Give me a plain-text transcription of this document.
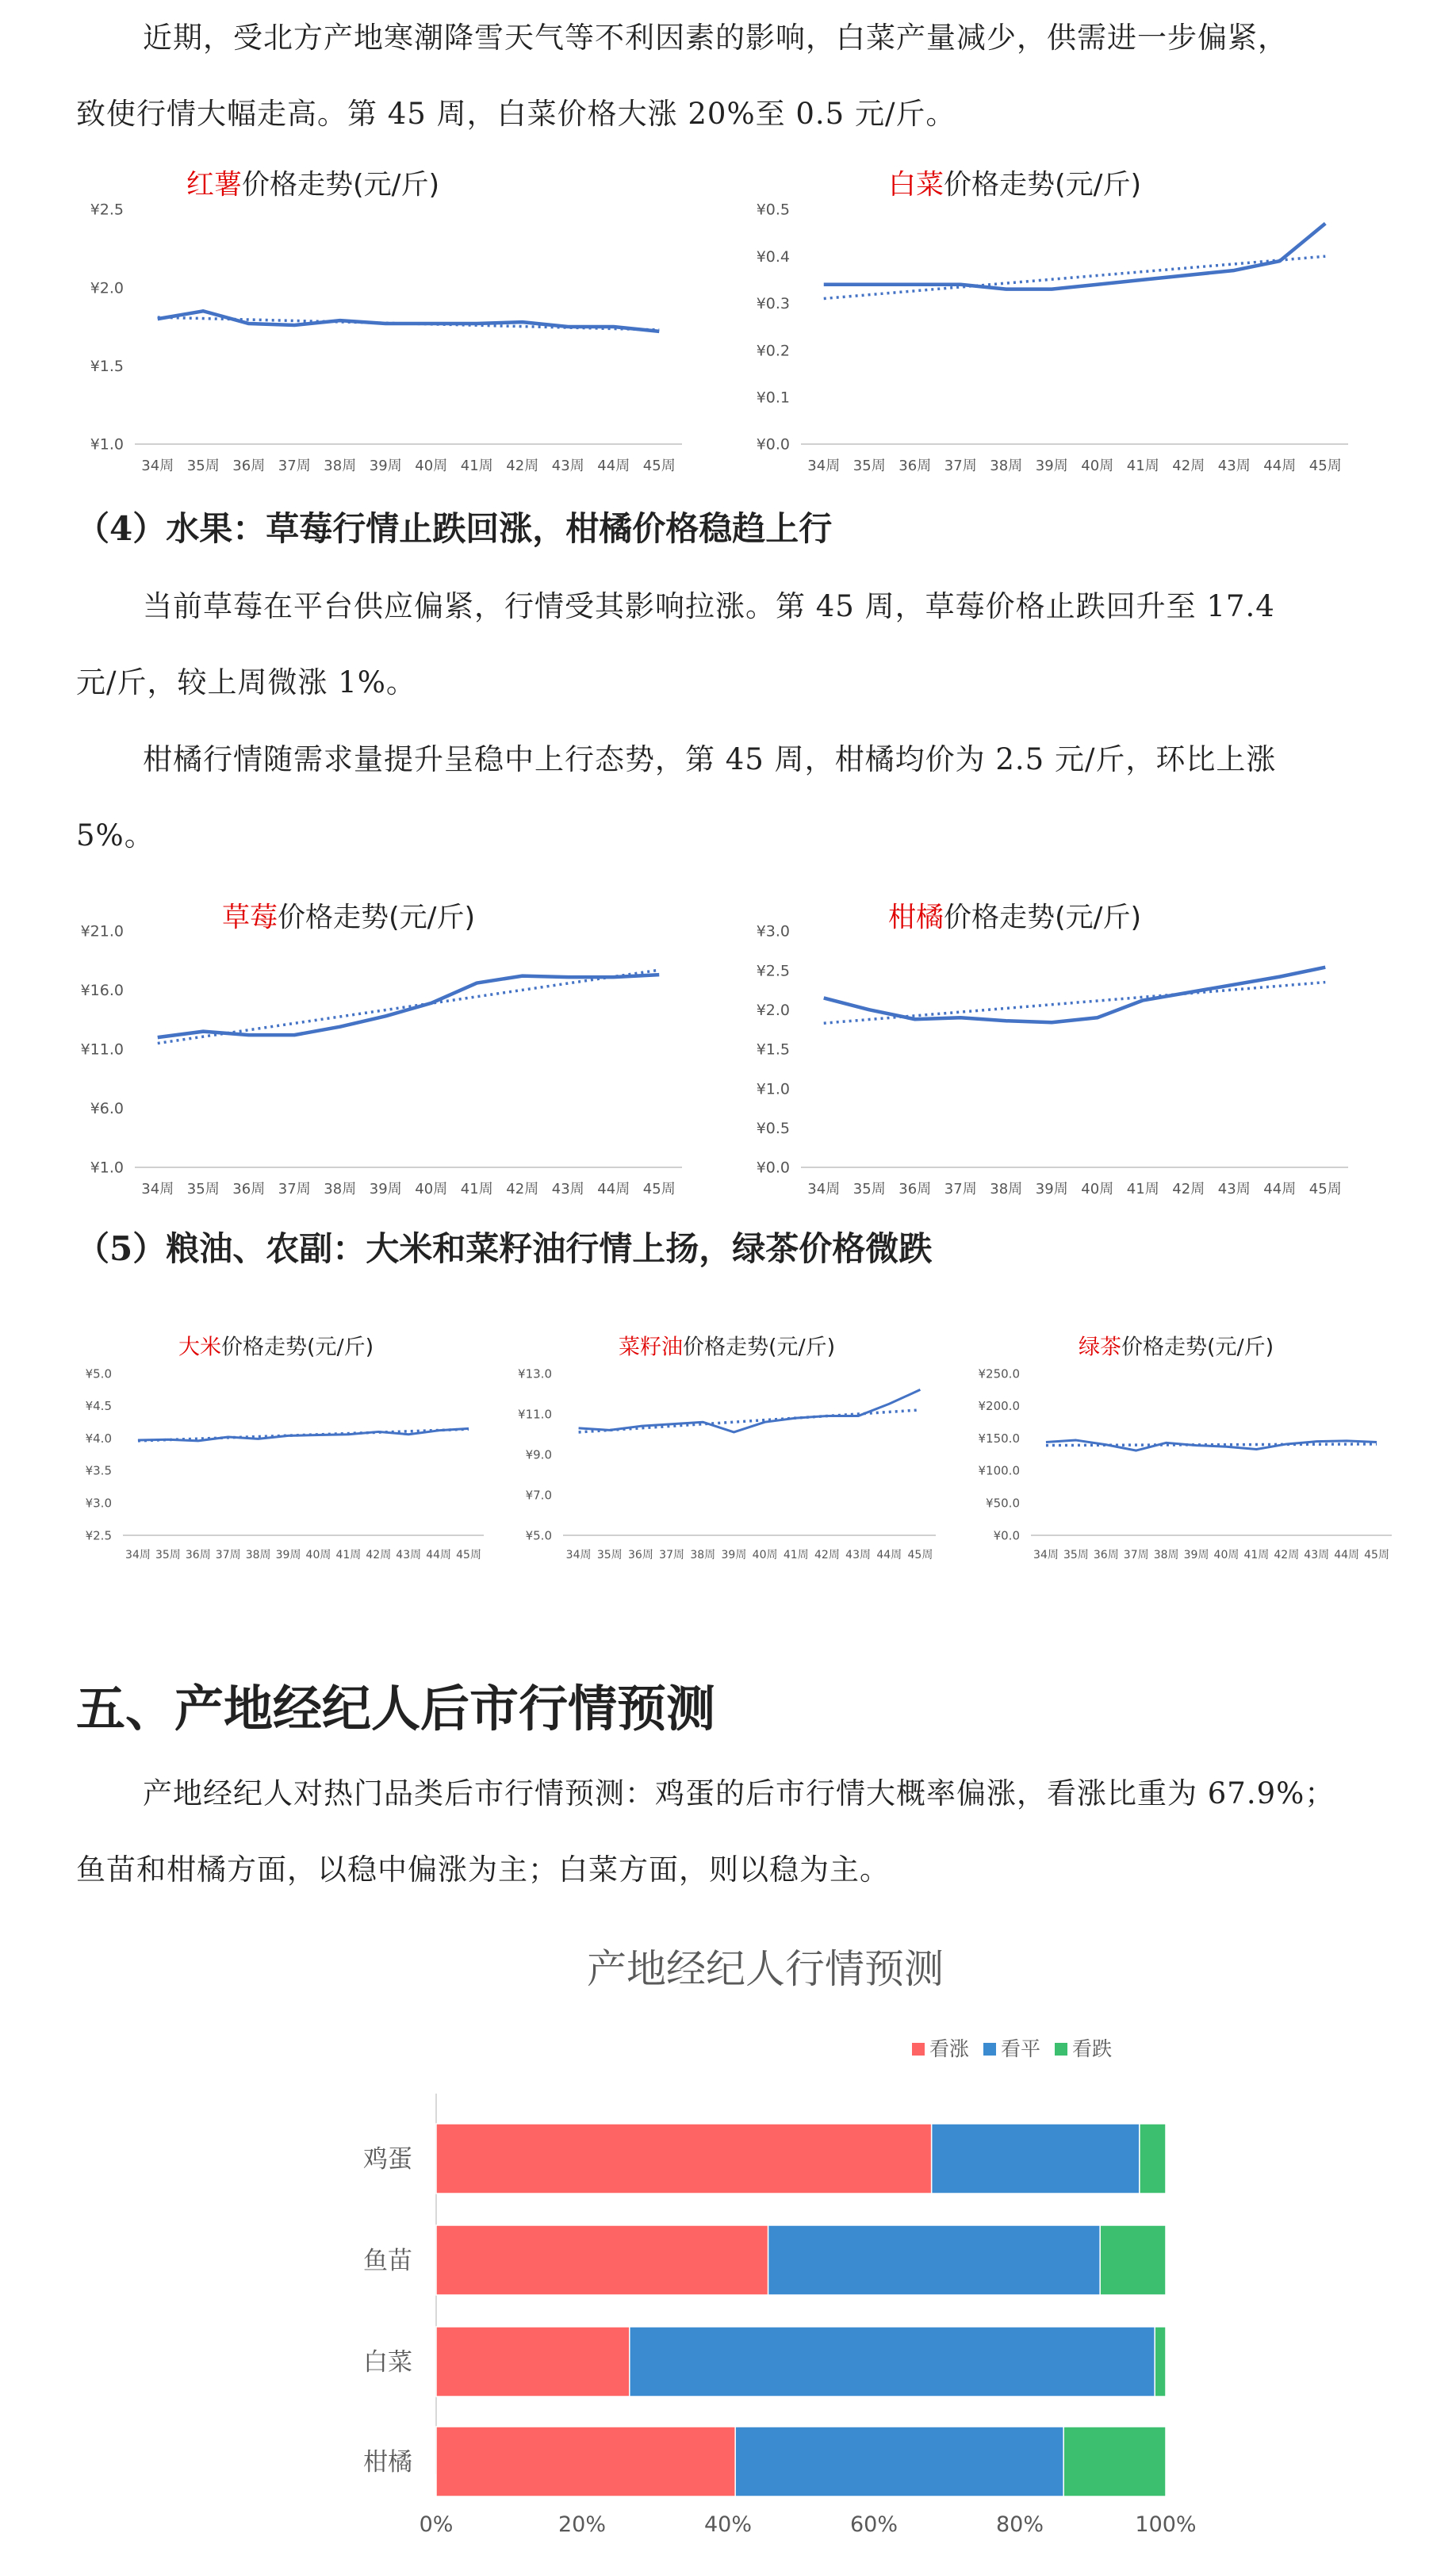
近期，受北方产地寒潮降雪天气等不利因素的影响，白菜产量减少，供需进一步偏紧，
致使行情大幅走高。第 45 周，白菜价格大涨 20%至 0.5 元/斤。

红薯价格走势(元/斤)
¥2.5
¥2.0
¥1.5
¥1.0
34周 35周 36周 37周 38周 39周 40周 41周 42周 43周 44周 45周
白菜价格走势(元/斤)
¥0.5
¥0.4
¥0.3
¥0.2
¥0.1
¥0.0
34周 35周 36周 37周 38周 39周 40周 41周 42周 43周 44周 45周

（4）水果：草莓行情止跌回涨，柑橘价格稳趋上行

当前草莓在平台供应偏紧，行情受其影响拉涨。第 45 周，草莓价格止跌回升至 17.4
元/斤，较上周微涨 1%。

柑橘行情随需求量提升呈稳中上行态势，第 45 周，柑橘均价为 2.5 元/斤，环比上涨
5%。

草莓价格走势(元/斤)
¥21.0
¥16.0
¥11.0
¥6.0
¥1.0
34周 35周 36周 37周 38周 39周 40周 41周 42周 43周 44周 45周
柑橘价格走势(元/斤)
¥3.0
¥2.5
¥2.0
¥1.5
¥1.0
¥0.5
¥0.0
34周 35周 36周 37周 38周 39周 40周 41周 42周 43周 44周 45周

（5）粮油、农副：大米和菜籽油行情上扬，绿茶价格微跌

大米价格走势(元/斤)
¥5.0
¥4.5
¥4.0
¥3.5
¥3.0
¥2.5
34周 35周 36周 37周 38周 39周 40周 41周 42周 43周 44周 45周
菜籽油价格走势(元/斤)
¥13.0
¥11.0
¥9.0
¥7.0
¥5.0
34周 35周 36周 37周 38周 39周 40周 41周 42周 43周 44周 45周
绿茶价格走势(元/斤)
¥250.0
¥200.0
¥150.0
¥100.0
¥50.0
¥0.0
34周 35周 36周 37周 38周 39周 40周 41周 42周 43周 44周 45周
五、产地经纪人后市行情预测

产地经纪人对热门品类后市行情预测：鸡蛋的后市行情大概率偏涨，看涨比重为 67.9%；
鱼苗和柑橘方面，以稳中偏涨为主；白菜方面，则以稳为主。

产地经纪人行情预测
看涨 看平 看跌
鸡蛋
鱼苗
白菜
柑橘
0%	20%	40%	60%	80%	100%
